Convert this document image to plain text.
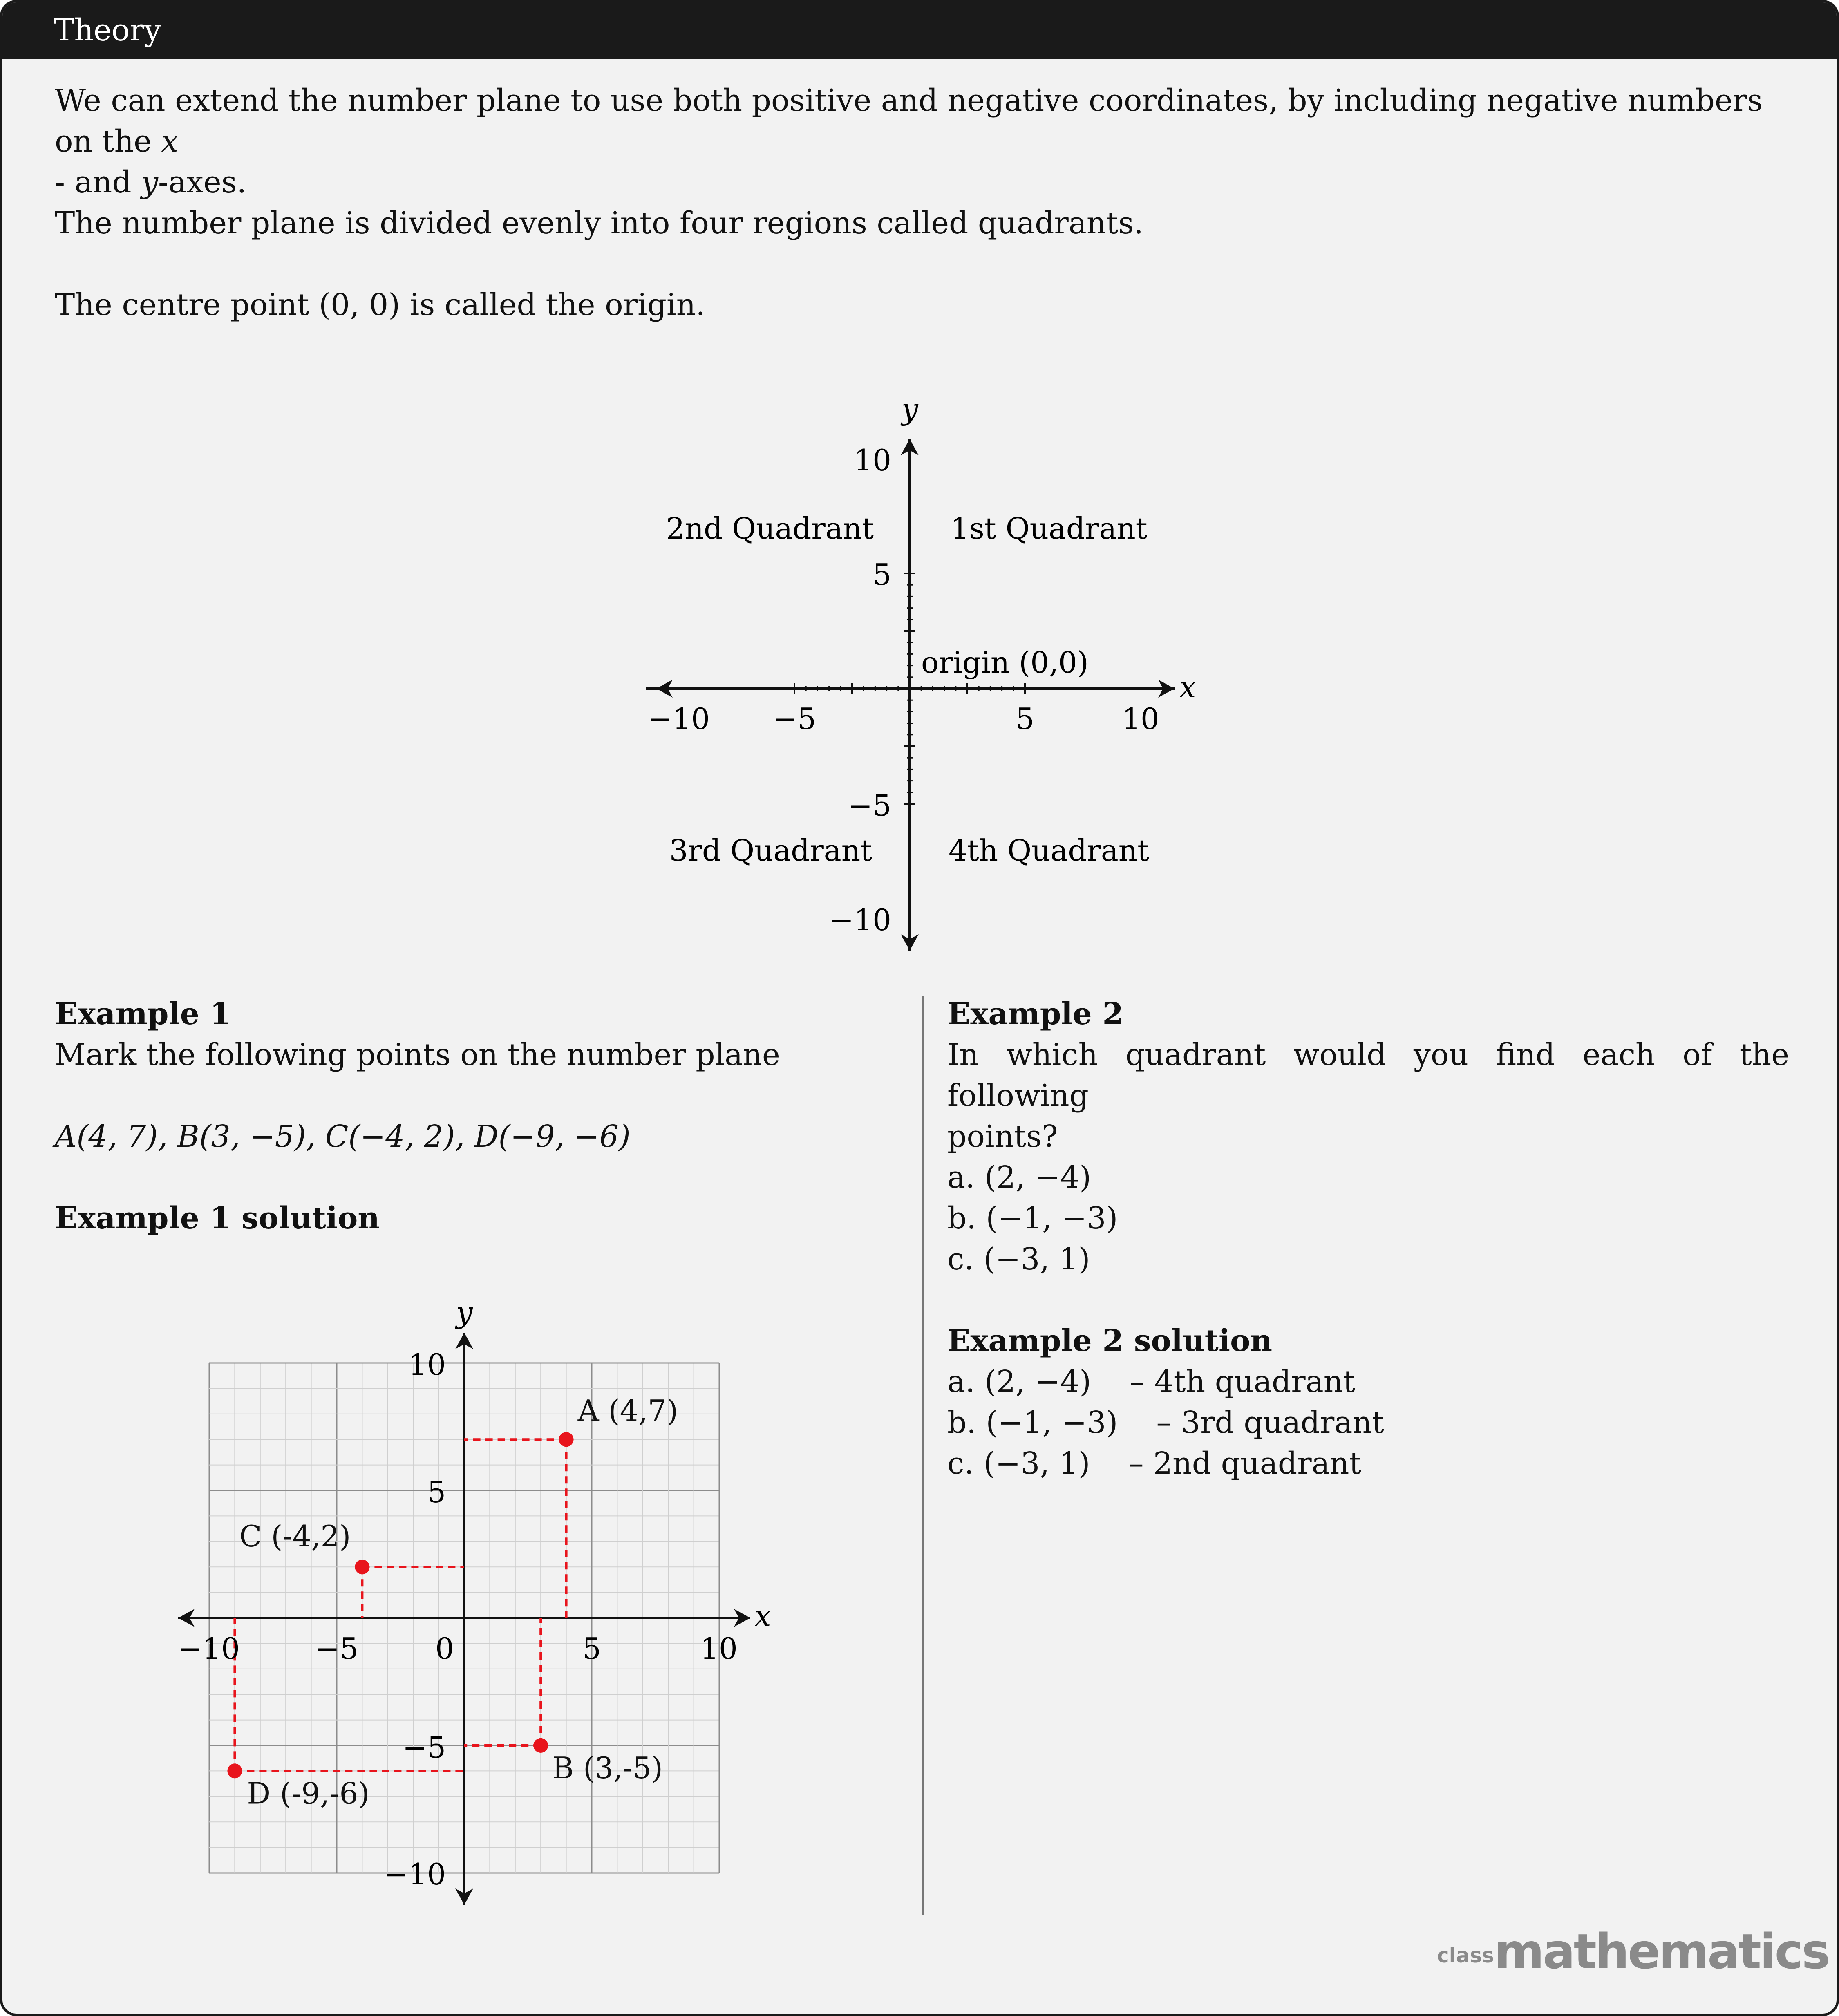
Theory
We can extend the number plane to use both positive and negative coordinates, by including negative numbers on the x
- and y-axes.
The number plane is divided evenly into four regions called quadrants.
The centre point (0, 0) is called the origin.
x
y
−10 −5	5	10
10
5
−5
−10
1st Quadrant
2nd Quadrant
3rd Quadrant	4th Quadrant
origin (0,0)
A (4,7)
B (3,-5)
C (-4,2)
D (-9,-6)
x
y
−10	−5	0	5	10
10
5
−5
−10
Example 1
Mark the following points on the number plane
A(4, 7), B(3, −5), C(−4, 2), D(−9, −6)
Example 1 solution
Example 2
In which quadrant would you find each of the following
points?
a. (2, −4)
b. (−1, −3)
c. (−3, 1)
Example 2 solution
a. (2, −4)    – 4th quadrant
b. (−1, −3)    – 3rd quadrant
c. (−3, 1)    – 2nd quadrant
classmathematics
